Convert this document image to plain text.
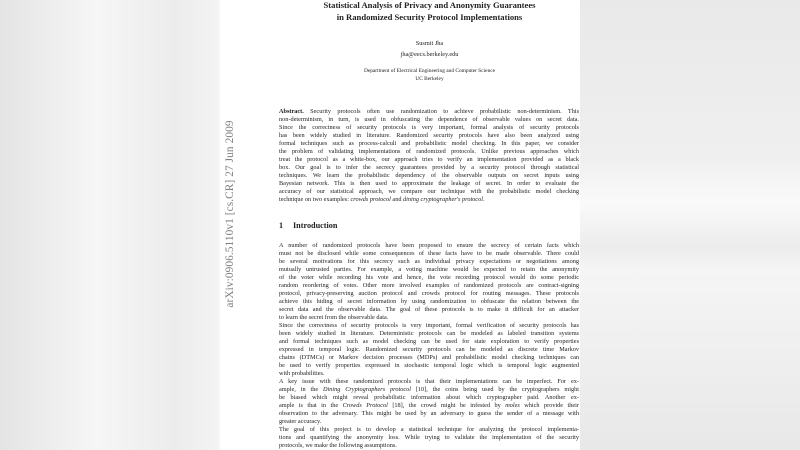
arXiv:0906.5110v1 [cs.CR] 27 Jun 2009
Statistical Analysis of Privacy and Anonymity Guarantees
in Randomized Security Protocol Implementations
Susmit Jha
jha@eecs.berkeley.edu
Department of Electrical Engineering and Computer Science
UC Berkeley
Abstract. Security protocols often use randomization to achieve probabilistic non-determinism. This
non-determinism, in turn, is used in obfuscating the dependence of observable values on secret data.
Since the correctness of security protocols is very important, formal analysis of security protocols
has been widely studied in literature. Randomized security protocols have also been analyzed using
formal techniques such as process-calculi and probabilistic model checking. In this paper, we consider
the problem of validating implementations of randomized protocols. Unlike previous approaches which
treat the protocol as a white-box, our approach tries to verify an implementation provided as a black
box. Our goal is to infer the secrecy guarantees provided by a security protocol through statistical
techniques. We learn the probabilistic dependency of the observable outputs on secret inputs using
Bayesian network. This is then used to approximate the leakage of secret. In order to evaluate the
accuracy of our statistical approach, we compare our technique with the probabilistic model checking
technique on two examples: crowds protocol and dining cryptographer's protocol.
1 Introduction
A number of randomized protocols have been proposed to ensure the secrecy of certain facts which
must not be disclosed while some consequences of these facts have to be made observable. There could
be several motivations for this secrecy such as individual privacy expectations or negotiations among
mutually untrusted parties. For example, a voting machine would be expected to retain the anonymity
of the voter while recording his vote and hence, the vote recording protocol would do some periodic
random reordering of votes. Other more involved examples of randomized protocols are contract-signing
protocol, privacy-preserving auction protocol and crowds protocol for routing messages. These protocols
achieve this hiding of secret information by using randomization to obfuscate the relation between the
secret data and the observable data. The goal of these protocols is to make it difficult for an attacker
to learn the secret from the observable data.
Since the correctness of security protocols is very important, formal verification of security protocols has
been widely studied in literature. Deterministic protocols can be modeled as labeled transition systems
and formal techniques such as model checking can be used for state exploration to verify properties
expressed in temporal logic. Randomized security protocols can be modeled as discrete time Markov
chains (DTMCs) or Markov decision processes (MDPs) and probabilistic model checking techniques can
be used to verify properties expressed in stochastic temporal logic which is temporal logic augmented
with probabilities.
A key issue with these randomized protocols is that their implementations can be imperfect. For ex-
ample, in the Dining Cryptographers protocol [10], the coins being used by the cryptographers might
be biased which might reveal probabilistic information about which cryptographer paid. Another ex-
ample is that in the Crowds Protocol [18], the crowd might be infested by moles which provide their
observation to the adversary. This might be used by an adversary to guess the sender of a message with
greater accuracy.
The goal of this project is to develop a statistical technique for analyzing the protocol implementa-
tions and quantifying the anonymity loss. While trying to validate the implementation of the security
protocols, we make the following assumptions.
